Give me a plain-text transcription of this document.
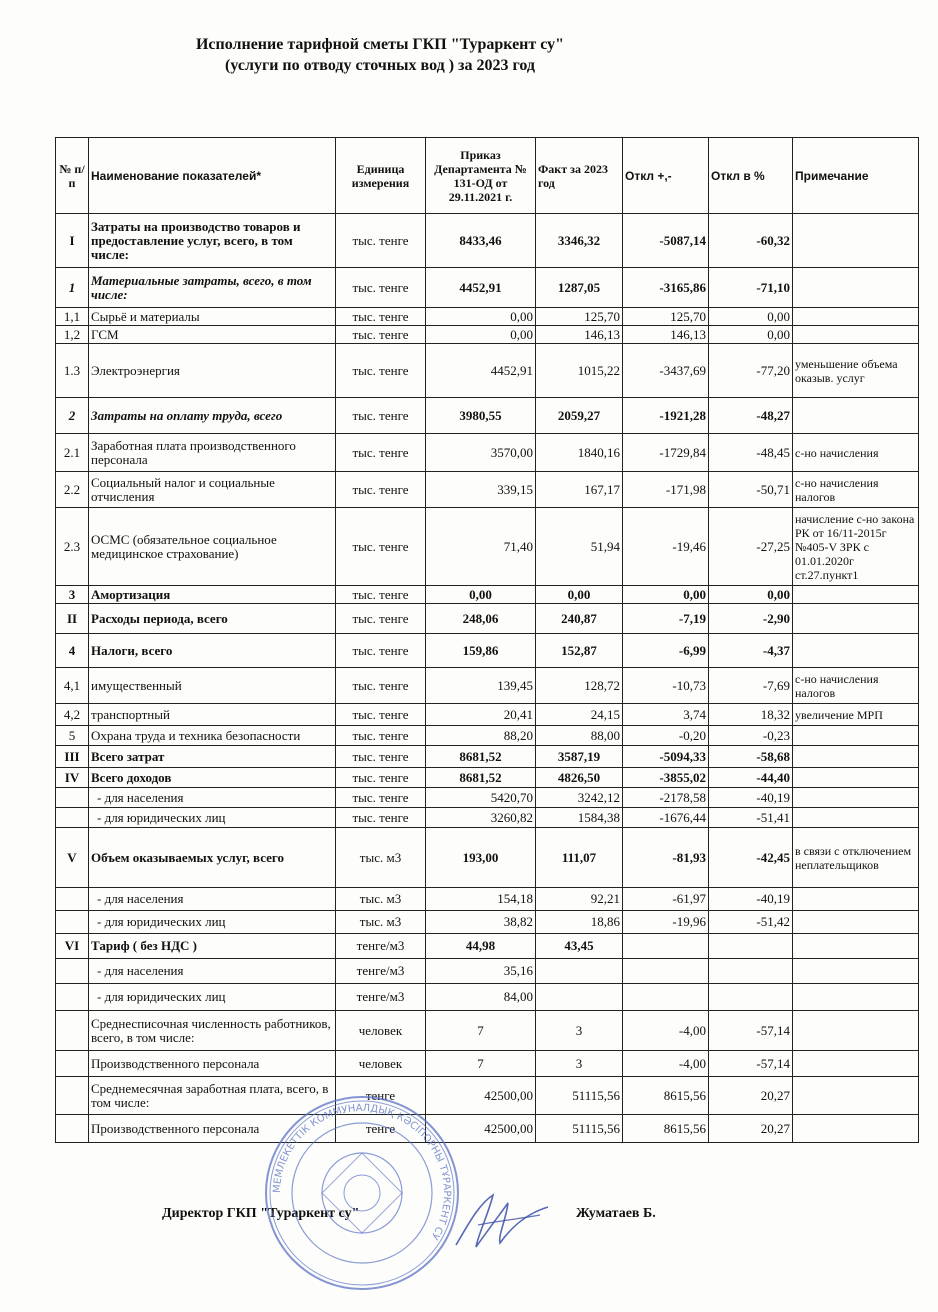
Исполнение тарифной сметы ГКП "Тураркент су"
(услуги по отводу сточных вод ) за 2023 год
№ п/п	Наименование показателей*	Единица измерения	Приказ Департамента № 131-ОД от 29.11.2021 г.	Факт за 2023 год	Откл +,-	Откл в %	Примечание
I	Затраты на производство товаров и предоставление услуг, всего, в том числе:	тыс. тенге	8433,46	3346,32	-5087,14	-60,32	
1	Материальные затраты, всего, в том числе:	тыс. тенге	4452,91	1287,05	-3165,86	-71,10	
1,1	Сырьё и материалы	тыс. тенге	0,00	125,70	125,70	0,00	
1,2	ГСМ	тыс. тенге	0,00	146,13	146,13	0,00	
1.3	Электроэнергия	тыс. тенге	4452,91	1015,22	-3437,69	-77,20	уменьшение объема оказыв. услуг
2	Затраты на оплату труда, всего	тыс. тенге	3980,55	2059,27	-1921,28	-48,27	
2.1	Заработная плата производственного персонала	тыс. тенге	3570,00	1840,16	-1729,84	-48,45	с-но начисления
2.2	Социальный налог и социальные отчисления	тыс. тенге	339,15	167,17	-171,98	-50,71	с-но начисления налогов
2.3	ОСМС (обязательное социальное медицинское страхование)	тыс. тенге	71,40	51,94	-19,46	-27,25	начисление с-но закона РК от 16/11-2015г №405-V ЗРК с 01.01.2020г ст.27.пункт1
3	Амортизация	тыс. тенге	0,00	0,00	0,00	0,00	
II	Расходы периода, всего	тыс. тенге	248,06	240,87	-7,19	-2,90	
4	Налоги, всего	тыс. тенге	159,86	152,87	-6,99	-4,37	
4,1	имущественный	тыс. тенге	139,45	128,72	-10,73	-7,69	с-но начисления налогов
4,2	транспортный	тыс. тенге	20,41	24,15	3,74	18,32	увеличение МРП
5	Охрана труда и техника безопасности	тыс. тенге	88,20	88,00	-0,20	-0,23	
III	Всего затрат	тыс. тенге	8681,52	3587,19	-5094,33	-58,68	
IV	Всего доходов	тыс. тенге	8681,52	4826,50	-3855,02	-44,40	
	- для населения	тыс. тенге	5420,70	3242,12	-2178,58	-40,19	
	- для юридических лиц	тыс. тенге	3260,82	1584,38	-1676,44	-51,41	
V	Объем оказываемых услуг, всего	тыс. м3	193,00	111,07	-81,93	-42,45	в связи с отключением неплательщиков
	- для населения	тыс. м3	154,18	92,21	-61,97	-40,19	
	- для юридических лиц	тыс. м3	38,82	18,86	-19,96	-51,42	
VI	Тариф ( без НДС )	тенге/м3	44,98	43,45			
	- для населения	тенге/м3	35,16				
	- для юридических лиц	тенге/м3	84,00				
	Среднесписочная численность работников, всего, в том числе:	человек	7	3	-4,00	-57,14	
	Производственного персонала	человек	7	3	-4,00	-57,14	
	Среднемесячная заработная плата, всего, в том числе:	тенге	42500,00	51115,56	8615,56	20,27	
	Производственного персонала	тенге	42500,00	51115,56	8615,56	20,27	
Директор ГКП "Тураркент су"	Жуматаев Б.
МЕМЛЕКЕТТІК КОММУНАЛДЫҚ КӘСІПОРНЫ ТҰРАРКЕНТ СУ
